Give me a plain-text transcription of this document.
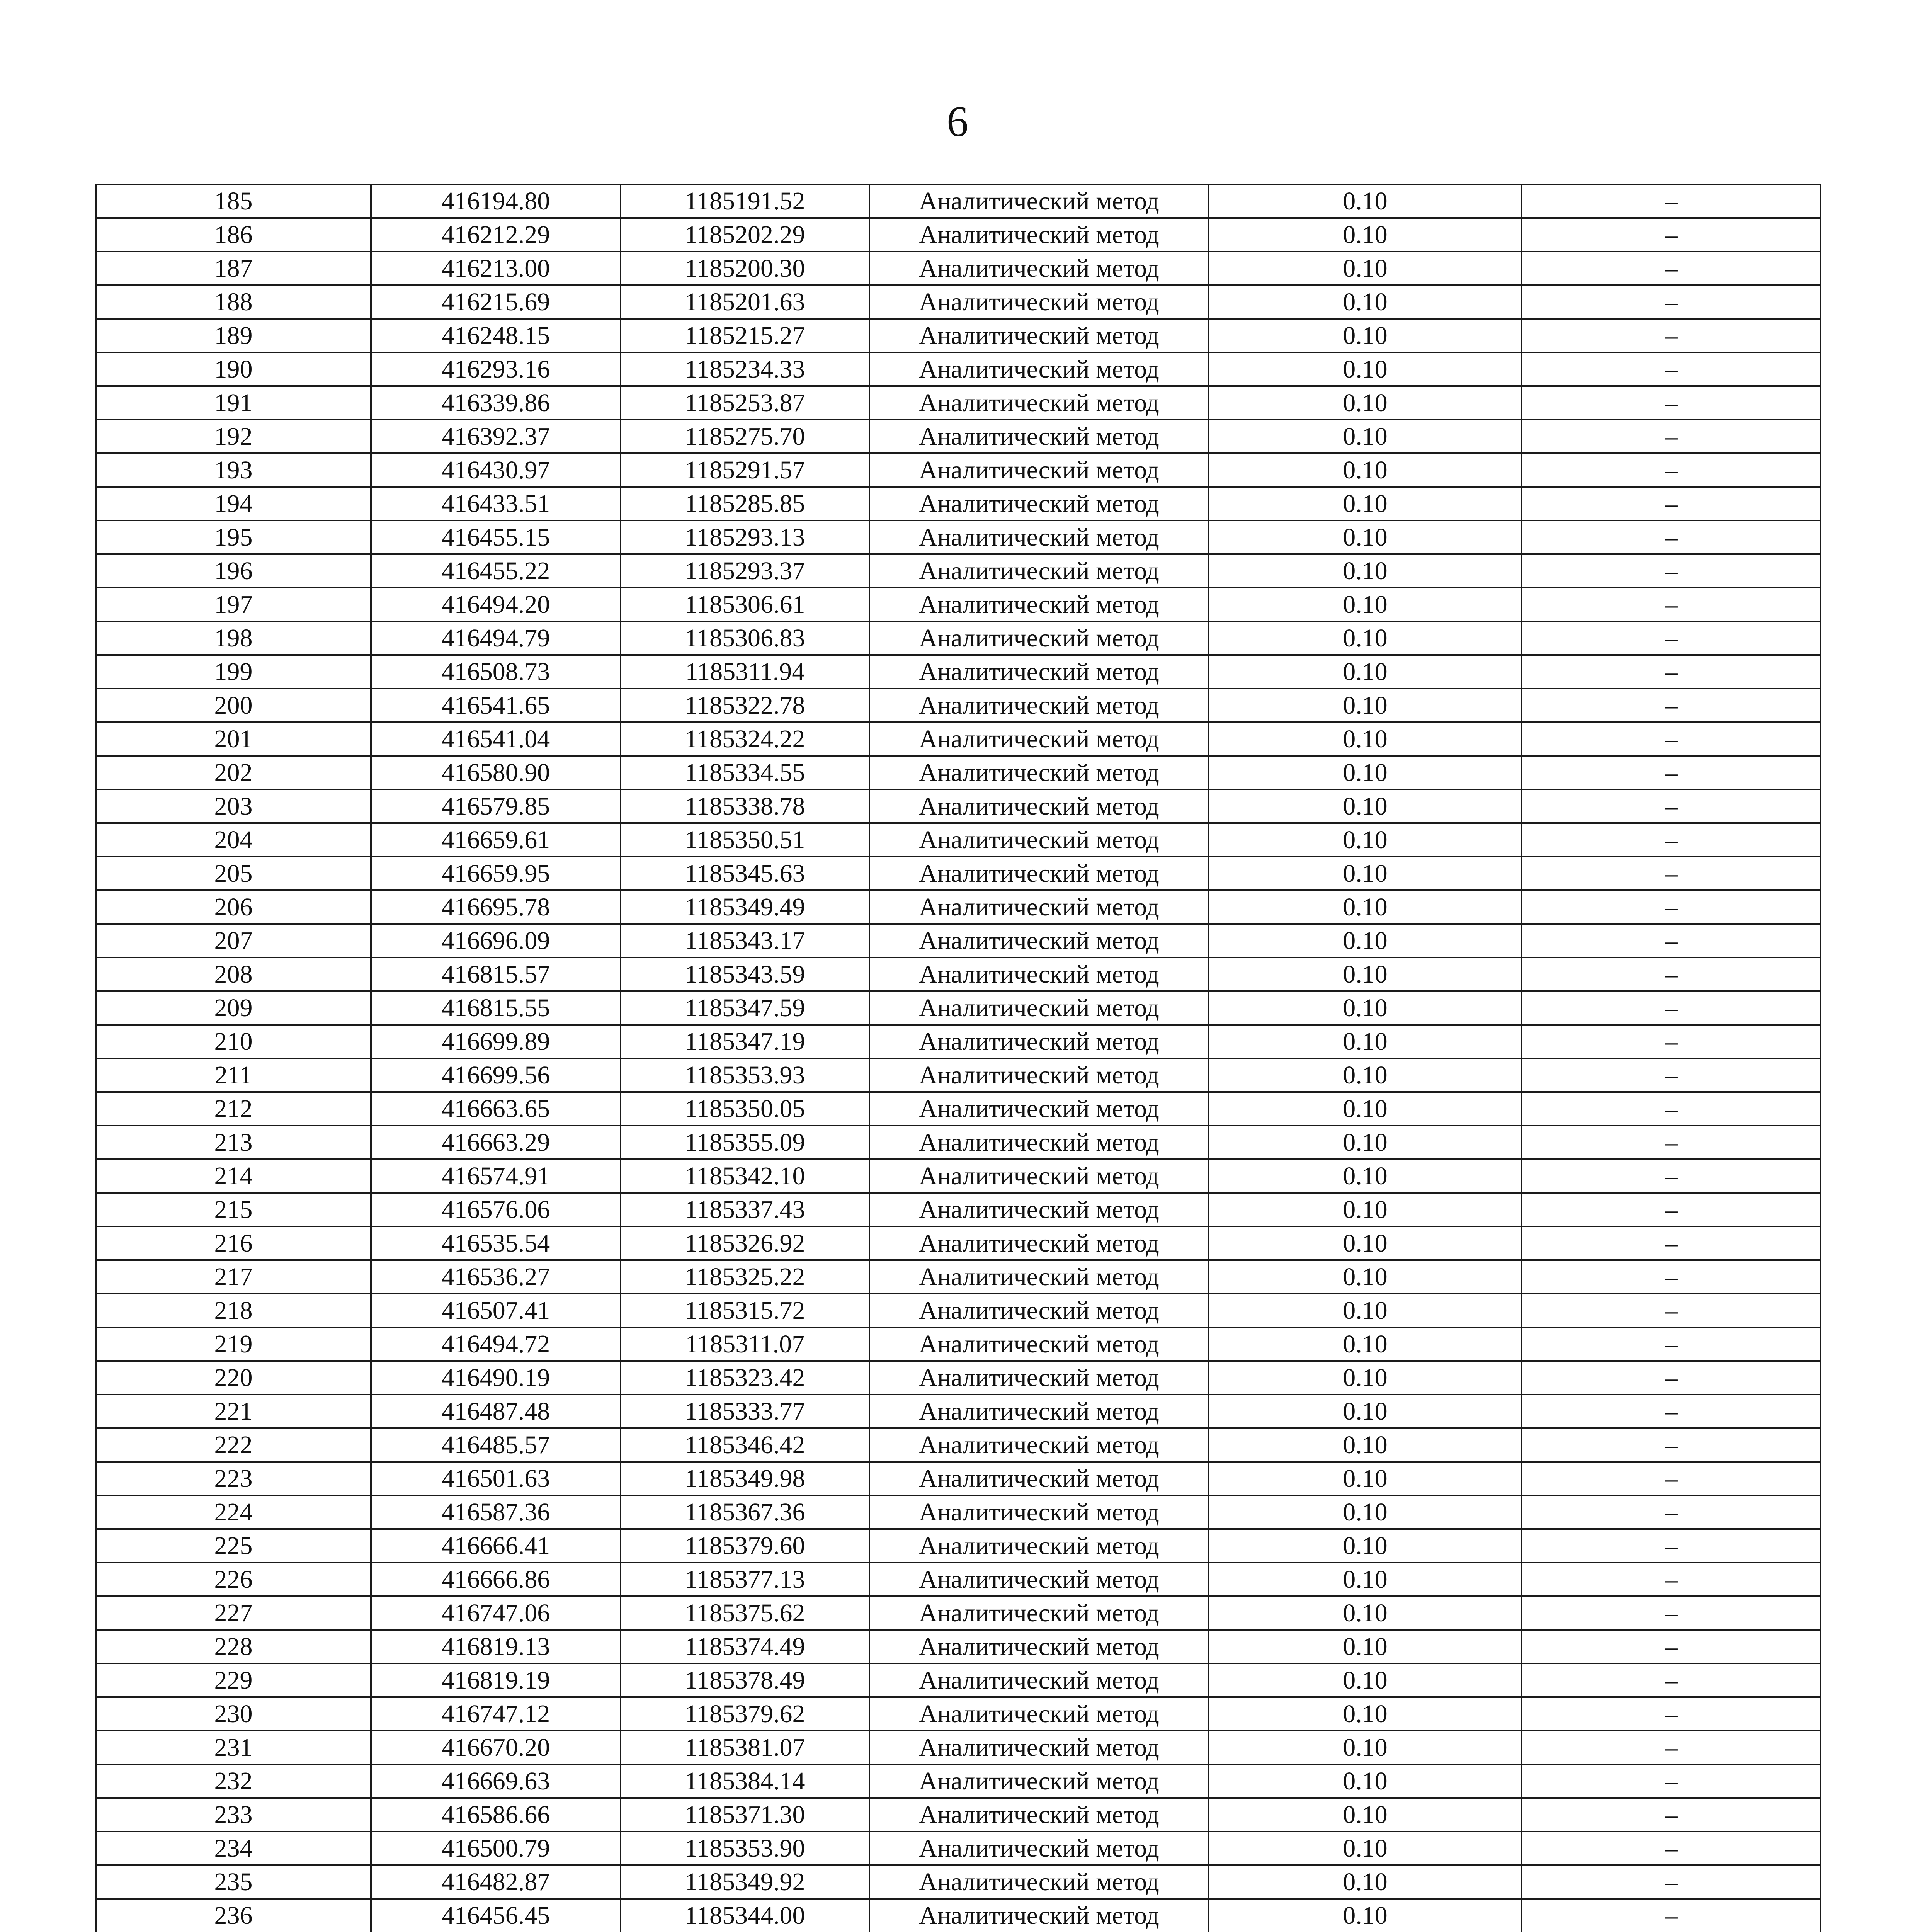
6
185	416194.80	1185191.52	Аналитический метод	0.10	–
186	416212.29	1185202.29	Аналитический метод	0.10	–
187	416213.00	1185200.30	Аналитический метод	0.10	–
188	416215.69	1185201.63	Аналитический метод	0.10	–
189	416248.15	1185215.27	Аналитический метод	0.10	–
190	416293.16	1185234.33	Аналитический метод	0.10	–
191	416339.86	1185253.87	Аналитический метод	0.10	–
192	416392.37	1185275.70	Аналитический метод	0.10	–
193	416430.97	1185291.57	Аналитический метод	0.10	–
194	416433.51	1185285.85	Аналитический метод	0.10	–
195	416455.15	1185293.13	Аналитический метод	0.10	–
196	416455.22	1185293.37	Аналитический метод	0.10	–
197	416494.20	1185306.61	Аналитический метод	0.10	–
198	416494.79	1185306.83	Аналитический метод	0.10	–
199	416508.73	1185311.94	Аналитический метод	0.10	–
200	416541.65	1185322.78	Аналитический метод	0.10	–
201	416541.04	1185324.22	Аналитический метод	0.10	–
202	416580.90	1185334.55	Аналитический метод	0.10	–
203	416579.85	1185338.78	Аналитический метод	0.10	–
204	416659.61	1185350.51	Аналитический метод	0.10	–
205	416659.95	1185345.63	Аналитический метод	0.10	–
206	416695.78	1185349.49	Аналитический метод	0.10	–
207	416696.09	1185343.17	Аналитический метод	0.10	–
208	416815.57	1185343.59	Аналитический метод	0.10	–
209	416815.55	1185347.59	Аналитический метод	0.10	–
210	416699.89	1185347.19	Аналитический метод	0.10	–
211	416699.56	1185353.93	Аналитический метод	0.10	–
212	416663.65	1185350.05	Аналитический метод	0.10	–
213	416663.29	1185355.09	Аналитический метод	0.10	–
214	416574.91	1185342.10	Аналитический метод	0.10	–
215	416576.06	1185337.43	Аналитический метод	0.10	–
216	416535.54	1185326.92	Аналитический метод	0.10	–
217	416536.27	1185325.22	Аналитический метод	0.10	–
218	416507.41	1185315.72	Аналитический метод	0.10	–
219	416494.72	1185311.07	Аналитический метод	0.10	–
220	416490.19	1185323.42	Аналитический метод	0.10	–
221	416487.48	1185333.77	Аналитический метод	0.10	–
222	416485.57	1185346.42	Аналитический метод	0.10	–
223	416501.63	1185349.98	Аналитический метод	0.10	–
224	416587.36	1185367.36	Аналитический метод	0.10	–
225	416666.41	1185379.60	Аналитический метод	0.10	–
226	416666.86	1185377.13	Аналитический метод	0.10	–
227	416747.06	1185375.62	Аналитический метод	0.10	–
228	416819.13	1185374.49	Аналитический метод	0.10	–
229	416819.19	1185378.49	Аналитический метод	0.10	–
230	416747.12	1185379.62	Аналитический метод	0.10	–
231	416670.20	1185381.07	Аналитический метод	0.10	–
232	416669.63	1185384.14	Аналитический метод	0.10	–
233	416586.66	1185371.30	Аналитический метод	0.10	–
234	416500.79	1185353.90	Аналитический метод	0.10	–
235	416482.87	1185349.92	Аналитический метод	0.10	–
236	416456.45	1185344.00	Аналитический метод	0.10	–
